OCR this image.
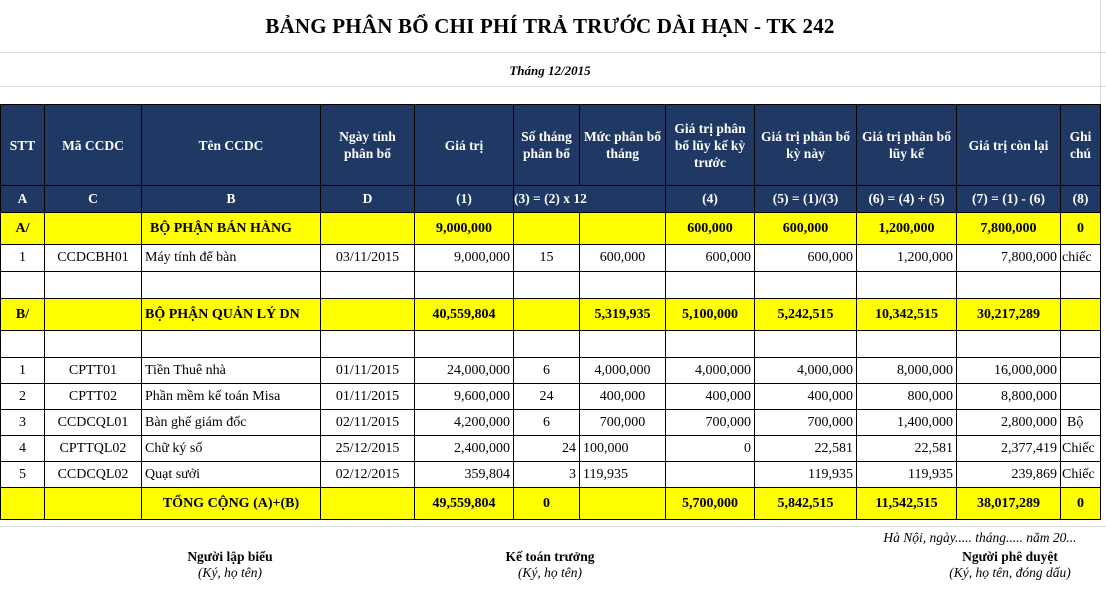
BẢNG PHÂN BỔ CHI PHÍ TRẢ TRƯỚC DÀI HẠN - TK 242
Tháng 12/2015
STT	Mã CCDC	Tên CCDC	Ngày tính phân bổ	Giá trị	Số tháng phân bổ	Mức phân bổ tháng	Giá trị phân bổ lũy kế kỳ trước	Giá trị phân bổ kỳ này	Giá trị phân bổ lũy kế	Giá trị còn lại	Ghi chú
A	C	B	D	(1)	(3) = (2) x 12		(4)	(5) = (1)/(3)	(6) = (4) + (5)	(7) = (1) - (6)	(8)
A/		BỘ PHẬN BÁN HÀNG		9,000,000			600,000	600,000	1,200,000	7,800,000	0
1	CCDCBH01	Máy tính để bàn	03/11/2015	9,000,000	15	600,000	600,000	600,000	1,200,000	7,800,000	chiếc

B/		BỘ PHẬN QUẢN LÝ DN		40,559,804		5,319,935	5,100,000	5,242,515	10,342,515	30,217,289	

1	CPTT01	Tiền Thuê nhà	01/11/2015	24,000,000	6	4,000,000	4,000,000	4,000,000	8,000,000	16,000,000	
2	CPTT02	Phần mềm kế toán Misa	01/11/2015	9,600,000	24	400,000	400,000	400,000	800,000	8,800,000	
3	CCDCQL01	Bàn ghế giám đốc	02/11/2015	4,200,000	6	700,000	700,000	700,000	1,400,000	2,800,000	Bộ
4	CPTTQL02	Chữ ký số	25/12/2015	2,400,000	24	100,000	0	22,581	22,581	2,377,419	Chiếc
5	CCDCQL02	Quạt sưởi	02/12/2015	359,804	3	119,935		119,935	119,935	239,869	Chiếc
		TỔNG CỘNG (A)+(B)		49,559,804	0		5,700,000	5,842,515	11,542,515	38,017,289	0
Hà Nội, ngày..... tháng..... năm 20...
Người lập biểu
(Ký, họ tên)
Kế toán trưởng
(Ký, họ tên)
Người phê duyệt
(Ký, họ tên, đóng dấu)
